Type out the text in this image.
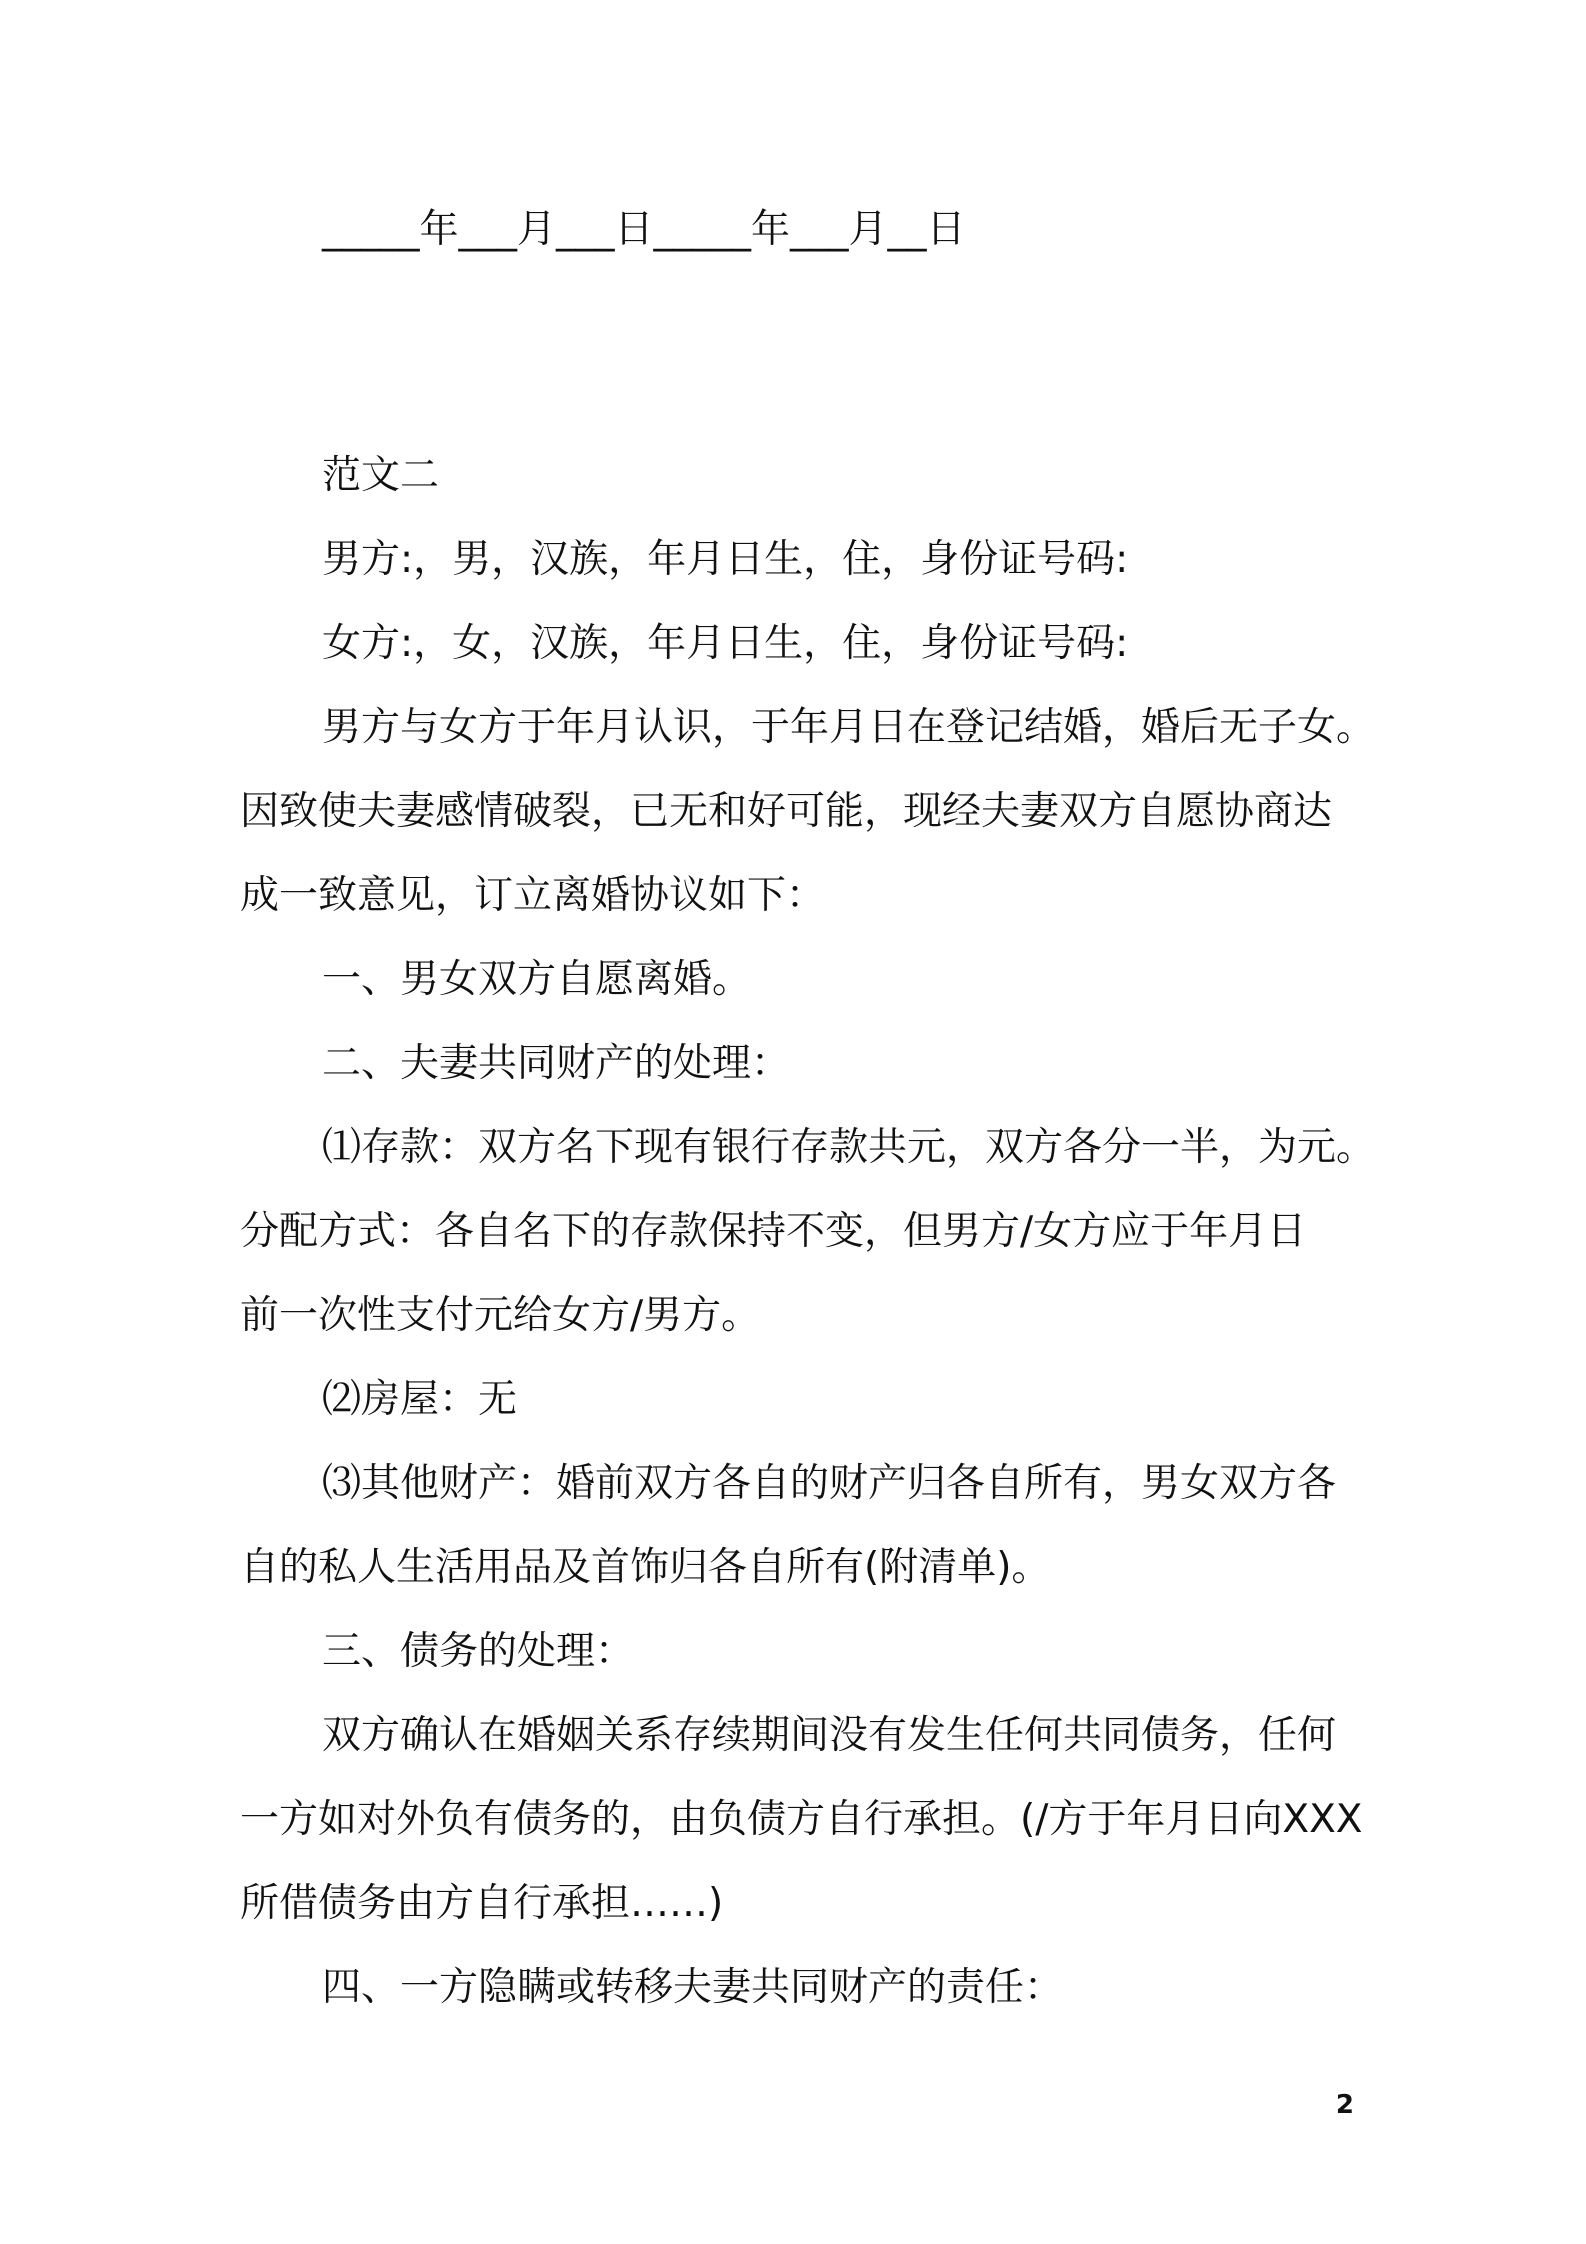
_____年___月___日_____年___月__日
范文二
男方:，男，汉族，年月日生，住，身份证号码:
女方:，女，汉族，年月日生，住，身份证号码:
男方与女方于年月认识，于年月日在登记结婚，婚后无子女。
因致使夫妻感情破裂，已无和好可能，现经夫妻双方自愿协商达
成一致意见，订立离婚协议如下：
一、男女双方自愿离婚。
二、夫妻共同财产的处理：
⑴存款：双方名下现有银行存款共元，双方各分一半，为元。
分配方式：各自名下的存款保持不变，但男方/女方应于年月日
前一次性支付元给女方/男方。
⑵房屋：无
⑶其他财产：婚前双方各自的财产归各自所有，男女双方各
自的私人生活用品及首饰归各自所有(附清单)。
三、债务的处理：
双方确认在婚姻关系存续期间没有发生任何共同债务，任何
一方如对外负有债务的，由负债方自行承担。(/方于年月日向XXX
所借债务由方自行承担……)
四、一方隐瞒或转移夫妻共同财产的责任：
2
